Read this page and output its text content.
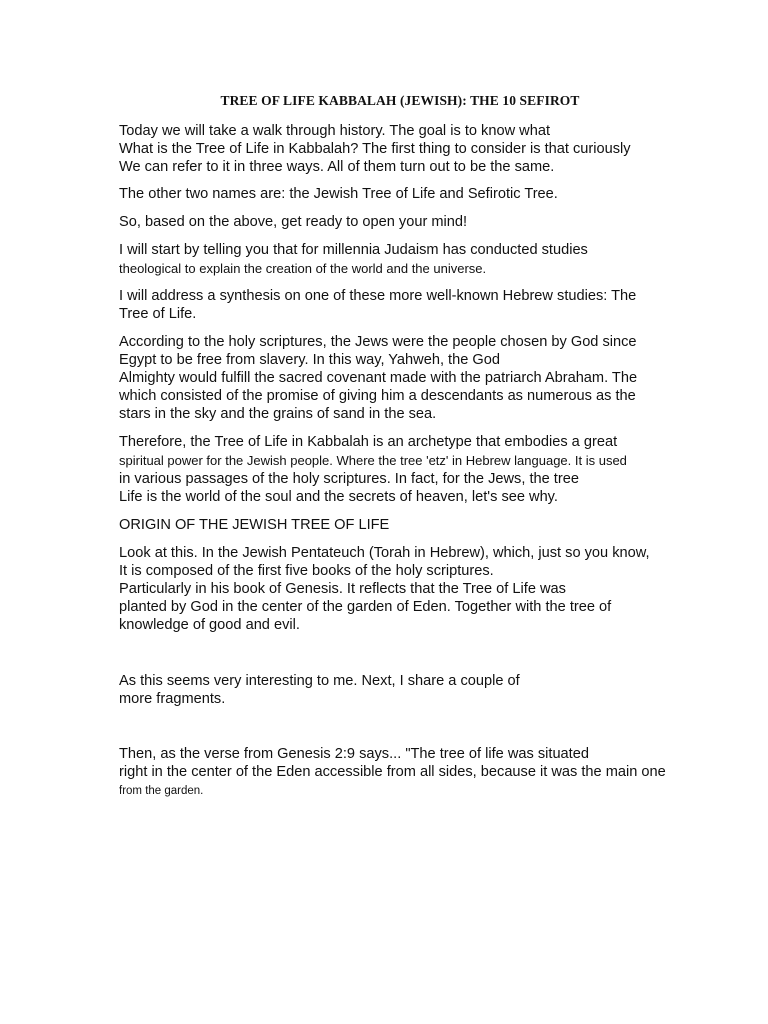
TREE OF LIFE KABBALAH (JEWISH): THE 10 SEFIROT
Today we will take a walk through history. The goal is to know what
What is the Tree of Life in Kabbalah? The first thing to consider is that curiously
We can refer to it in three ways. All of them turn out to be the same.
The other two names are: the Jewish Tree of Life and Sefirotic Tree.
So, based on the above, get ready to open your mind!
I will start by telling you that for millennia Judaism has conducted studies
theological to explain the creation of the world and the universe.
I will address a synthesis on one of these more well-known Hebrew studies: The
Tree of Life.
According to the holy scriptures, the Jews were the people chosen by God since
Egypt to be free from slavery. In this way, Yahweh, the God
Almighty would fulfill the sacred covenant made with the patriarch Abraham. The
which consisted of the promise of giving him a descendants as numerous as the
stars in the sky and the grains of sand in the sea.
Therefore, the Tree of Life in Kabbalah is an archetype that embodies a great
spiritual power for the Jewish people. Where the tree 'etz' in Hebrew language. It is used
in various passages of the holy scriptures. In fact, for the Jews, the tree
Life is the world of the soul and the secrets of heaven, let's see why.
ORIGIN OF THE JEWISH TREE OF LIFE
Look at this. In the Jewish Pentateuch (Torah in Hebrew), which, just so you know,
It is composed of the first five books of the holy scriptures.
Particularly in his book of Genesis. It reflects that the Tree of Life was
planted by God in the center of the garden of Eden. Together with the tree of
knowledge of good and evil.
As this seems very interesting to me. Next, I share a couple of
more fragments.
Then, as the verse from Genesis 2:9 says... "The tree of life was situated
right in the center of the Eden accessible from all sides, because it was the main one
from the garden.
